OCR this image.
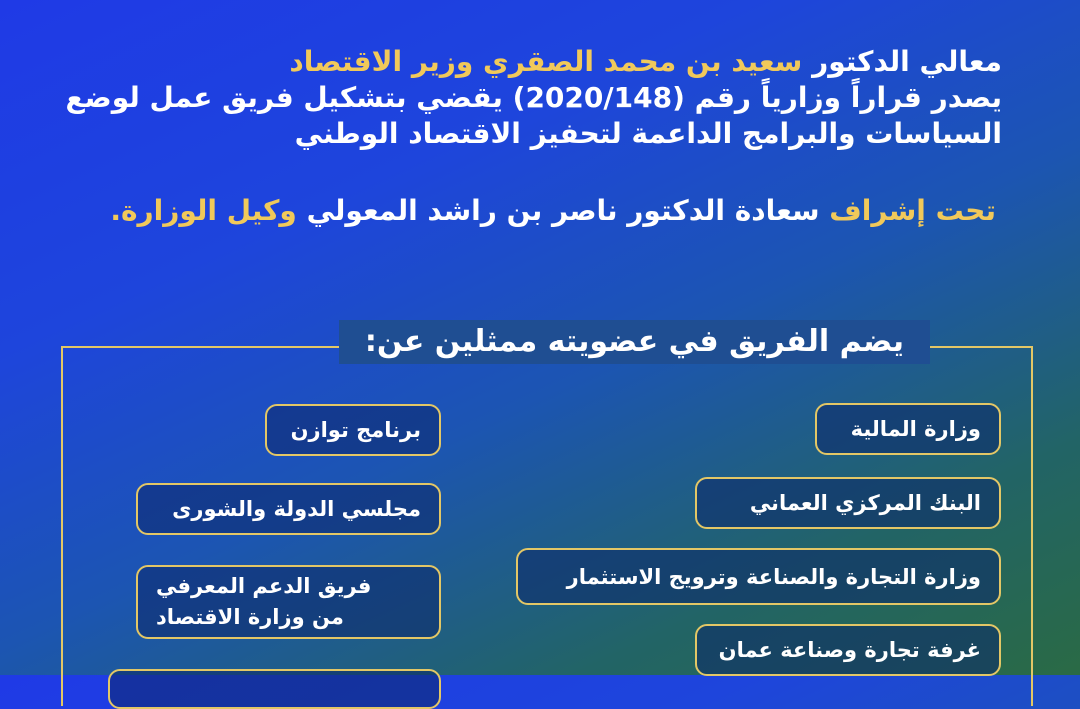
معالي الدكتور سعيد بن محمد الصقري وزير الاقتصاد
يصدر قراراً وزارياً رقم (2020/148) يقضي بتشكيل فريق عمل لوضع
السياسات والبرامج الداعمة لتحفيز الاقتصاد الوطني
تحت إشراف سعادة الدكتور ناصر بن راشد المعولي وكيل الوزارة.
يضم الفريق في عضويته ممثلين عن:
وزارة المالية
البنك المركزي العماني
وزارة التجارة والصناعة وترويج الاستثمار
غرفة تجارة وصناعة عمان
برنامج توازن
مجلسي الدولة والشورى
فريق الدعم المعرفي
من وزارة الاقتصاد
